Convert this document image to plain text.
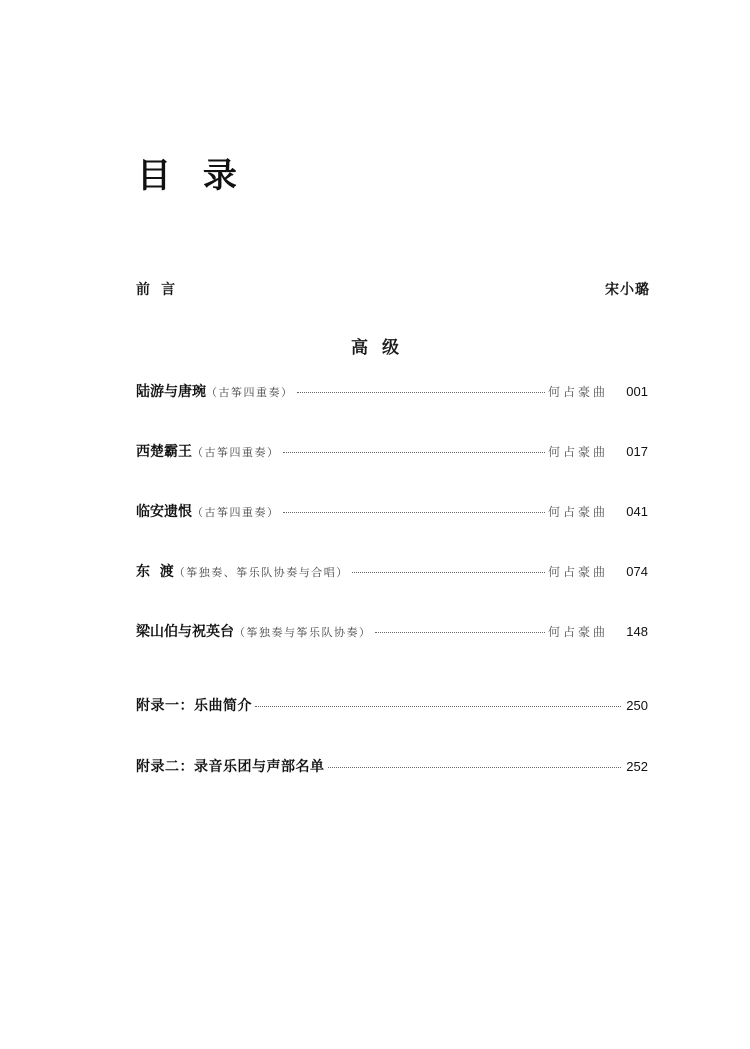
目 录
前言	宋小璐
高级
陆游与唐琬 （古筝四重奏）	何占豪曲	001
西楚霸王 （古筝四重奏）	何占豪曲	017
临安遗恨 （古筝四重奏）	何占豪曲	041
东  渡 （筝独奏、筝乐队协奏与合唱）	何占豪曲	074
梁山伯与祝英台 （筝独奏与筝乐队协奏）	何占豪曲	148
附录一：乐曲简介	250
附录二：录音乐团与声部名单	252
